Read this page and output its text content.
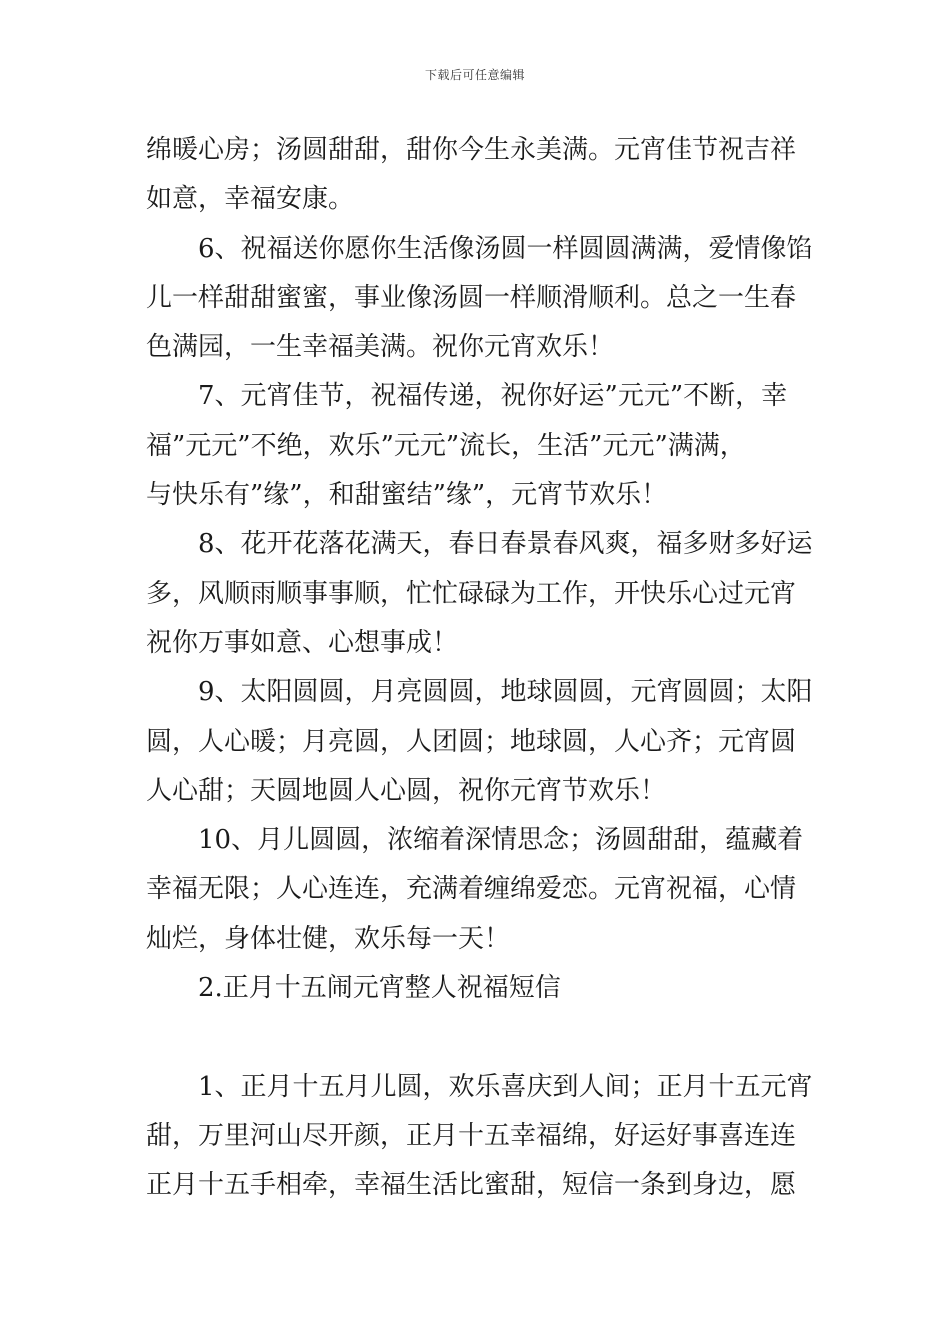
下载后可任意编辑
绵暖心房；汤圆甜甜，甜你今生永美满。元宵佳节祝吉祥
如意，幸福安康。
6、祝福送你愿你生活像汤圆一样圆圆满满，爱情像馅
儿一样甜甜蜜蜜，事业像汤圆一样顺滑顺利。总之一生春
色满园，一生幸福美满。祝你元宵欢乐！
7、元宵佳节，祝福传递，祝你好运”元元”不断，幸
福”元元”不绝，欢乐”元元”流长，生活”元元”满满，
与快乐有”缘”，和甜蜜结”缘”，元宵节欢乐！
8、花开花落花满天，春日春景春风爽，福多财多好运
多，风顺雨顺事事顺，忙忙碌碌为工作，开快乐心过元宵
祝你万事如意、心想事成！
9、太阳圆圆，月亮圆圆，地球圆圆，元宵圆圆；太阳
圆，人心暖；月亮圆，人团圆；地球圆，人心齐；元宵圆
人心甜；天圆地圆人心圆，祝你元宵节欢乐！
10、月儿圆圆，浓缩着深情思念；汤圆甜甜，蕴藏着
幸福无限；人心连连，充满着缠绵爱恋。元宵祝福，心情
灿烂，身体壮健，欢乐每一天！
2.正月十五闹元宵整人祝福短信
1、正月十五月儿圆，欢乐喜庆到人间；正月十五元宵
甜，万里河山尽开颜，正月十五幸福绵，好运好事喜连连
正月十五手相牵，幸福生活比蜜甜，短信一条到身边，愿
